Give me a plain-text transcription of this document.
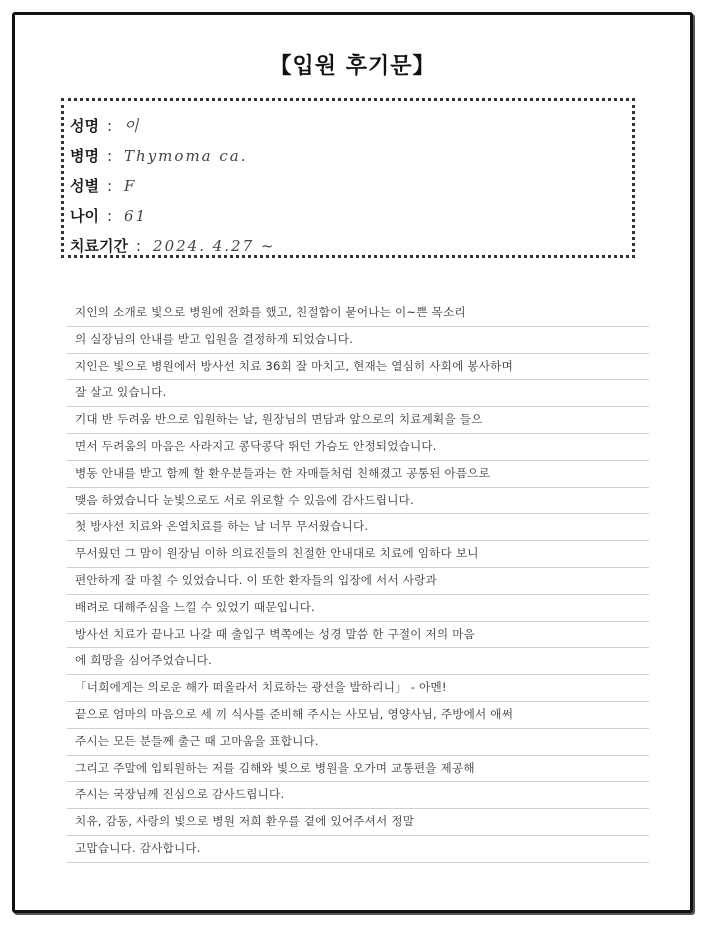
【입원 후기문】
성명 : 이
병명 : Thymoma ca.
성별 : F
나이 : 61
치료기간 : 2024. 4.27 ~
지인의 소개로 빛으로 병원에 전화를 했고, 친절함이 묻어나는 이~쁜 목소리
의 실장님의 안내를 받고 입원을 결정하게 되었습니다.
지인은 빛으로 병원에서 방사선 치료 36회 잘 마치고, 현재는 열심히 사회에 봉사하며
잘 살고 있습니다.
기대 반 두려움 반으로 입원하는 날, 원장님의 면담과 앞으로의 치료계획을 들으
면서 두려움의 마음은 사라지고 콩닥콩닥 뛰던 가슴도 안정되었습니다.
병동 안내를 받고 함께 할 환우분들과는 한 자매들처럼 친해졌고 공통된 아픔으로
맺음 하였습니다 눈빛으로도 서로 위로할 수 있음에 감사드립니다.
첫 방사선 치료와 온열치료를 하는 날 너무 무서웠습니다.
무서웠던 그 맘이 원장님 이하 의료진들의 친절한 안내대로 치료에 임하다 보니
편안하게 잘 마칠 수 있었습니다. 이 또한 환자들의 입장에 서서 사랑과
배려로 대해주심을 느낄 수 있었기 때문입니다.
방사선 치료가 끝나고 나갈 때 출입구 벽쪽에는 성경 말씀 한 구절이 저의 마음
에 희망을 심어주었습니다.
「너희에게는 의로운 해가 떠올라서 치료하는 광선을 발하리니」 - 아멘!
끝으로 엄마의 마음으로 세 끼 식사를 준비해 주시는 사모님, 영양사님, 주방에서 애써
주시는 모든 분들께 출근 때 고마움을 표합니다.
그리고 주말에 입퇴원하는 저를 김해와 빛으로 병원을 오가며 교통편을 제공해
주시는 국장님께 진심으로 감사드립니다.
치유, 감동, 사랑의 빛으로 병원 저희 환우를 곁에 있어주셔서 정말
고맙습니다. 감사합니다.
